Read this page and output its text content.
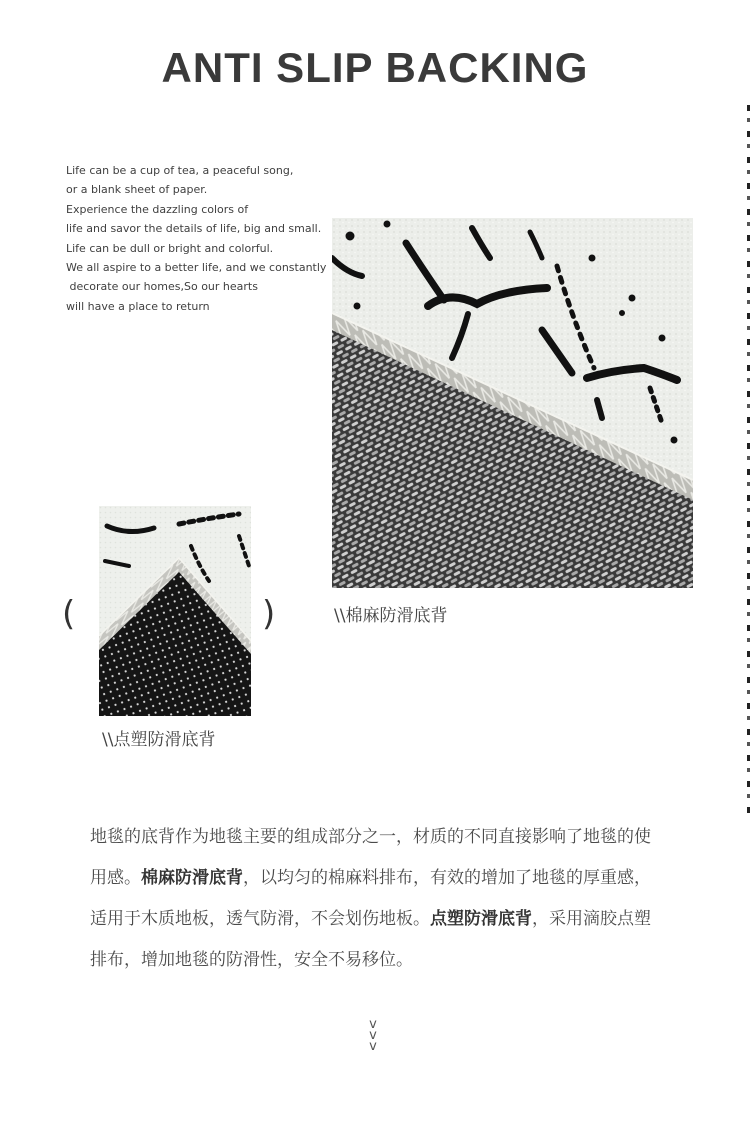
ANTI SLIP BACKING
Life can be a cup of tea, a peaceful song,
or a blank sheet of paper.
Experience the dazzling colors of
life and savor the details of life, big and small.
Life can be dull or bright and colorful.
We all aspire to a better life, and we constantly
decorate our homes,So our hearts
will have a place to return
(	)	\\棉麻防滑底背
\\点塑防滑底背
地毯的底背作为地毯主要的组成部分之一，材质的不同直接影响了地毯的使用感。棉麻防滑底背，以均匀的棉麻料排布，有效的增加了地毯的厚重感，适用于木质地板，透气防滑，不会划伤地板。点塑防滑底背，采用滴胶点塑排布，增加地毯的防滑性，安全不易移位。
v
v
v
